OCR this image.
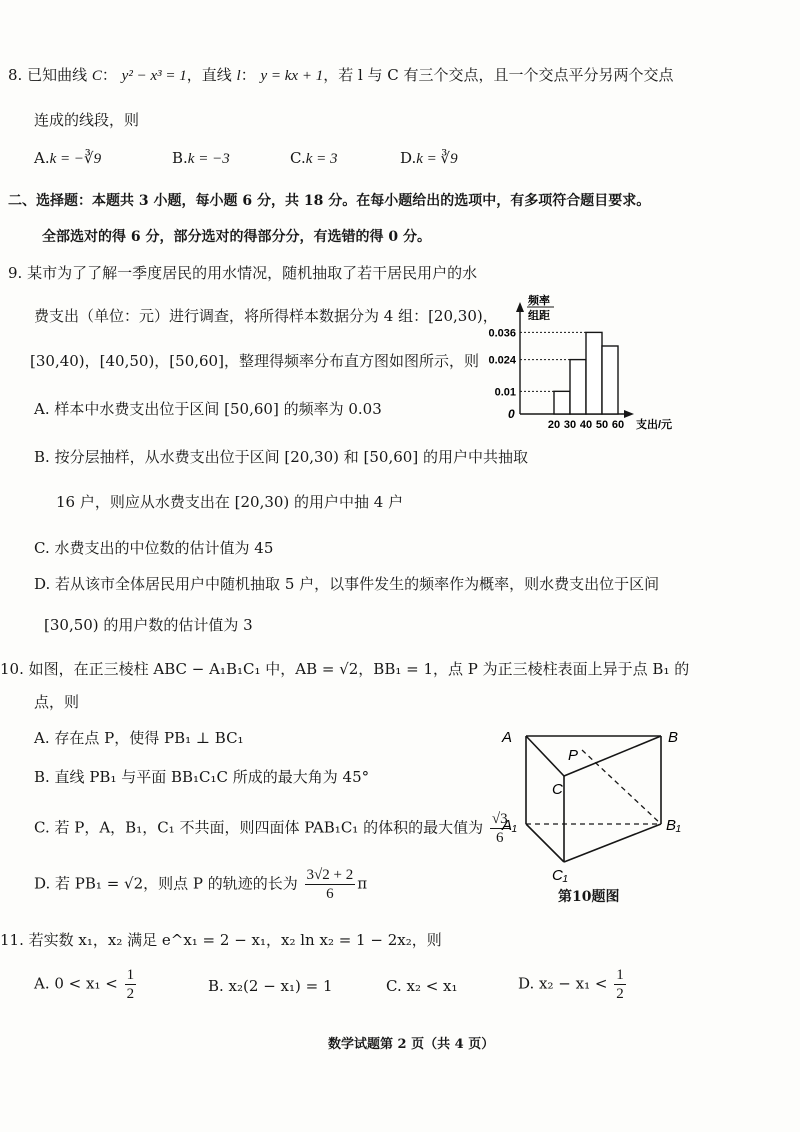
8. 已知曲线 C： y² − x³ = 1，直线 l： y = kx + 1，若 l 与 C 有三个交点，且一个交点平分另两个交点
连成的线段，则
A.k = −∛9	B.k = −3	C.k = 3	D.k = ∛9
二、选择题：本题共 3 小题，每小题 6 分，共 18 分。在每小题给出的选项中，有多项符合题目要求。
全部选对的得 6 分，部分选对的得部分分，有选错的得 0 分。
9. 某市为了了解一季度居民的用水情况，随机抽取了若干居民用户的水
费支出（单位：元）进行调查，将所得样本数据分为 4 组：[20,30)，
[30,40)，[40,50)，[50,60]，整理得频率分布直方图如图所示，则
A. 样本中水费支出位于区间 [50,60] 的频率为 0.03
B. 按分层抽样，从水费支出位于区间 [20,30) 和 [50,60] 的用户中共抽取
16 户，则应从水费支出在 [20,30) 的用户中抽 4 户
C. 水费支出的中位数的估计值为 45
D. 若从该市全体居民用户中随机抽取 5 户，以事件发生的频率作为概率，则水费支出位于区间
[30,50) 的用户数的估计值为 3
频率
组距
0
支出/元
0.036
0.024
0.01
20 30 40 50 60
10. 如图，在正三棱柱 ABC − A₁B₁C₁ 中，AB = √2，BB₁ = 1，点 P 为正三棱柱表面上异于点 B₁ 的
点，则
A. 存在点 P，使得 PB₁ ⊥ BC₁
B. 直线 PB₁ 与平面 BB₁C₁C 所成的最大角为 45°
C. 若 P，A，B₁，C₁ 不共面，则四面体 PAB₁C₁ 的体积的最大值为 $\frac{√3}{6}$
D. 若 PB₁ = √2，则点 P 的轨迹的长为 $\frac{3√2 + 2}{6}$ π
A	B
P
C
A₁	B₁
C₁
第10题图
11. 若实数 x₁，x₂ 满足 e^x₁ = 2 − x₁，x₂ ln x₂ = 1 − 2x₂，则
A. $0 < x_1 < \frac{1}{2}$	B. x₂(2 − x₁) = 1	C. x₂ < x₁	D. $x_2 - x_1 < \frac{1}{2}$
数学试题第 2 页（共 4 页）
